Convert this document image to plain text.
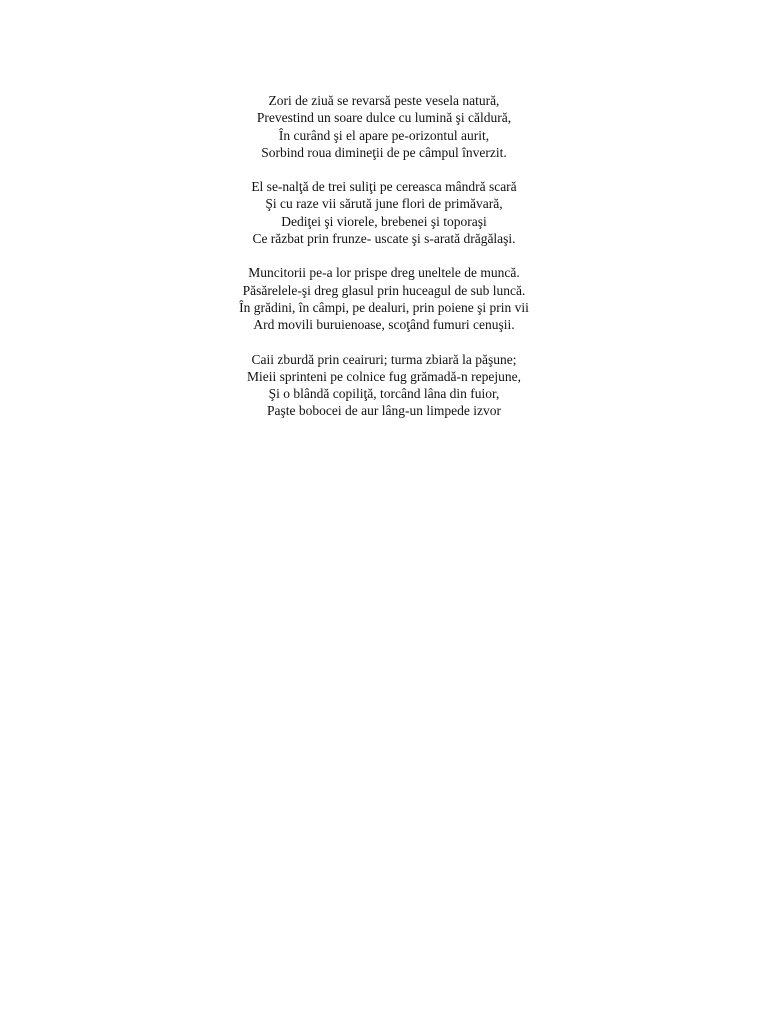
Zori de ziuă se revarsă peste vesela natură,
Prevestind un soare dulce cu lumină şi căldură,
În curând şi el apare pe-orizontul aurit,
Sorbind roua dimineţii de pe câmpul înverzit.
El se-nalţă de trei suliţi pe cereasca mândră scară
Şi cu raze vii sărută june flori de primăvară,
Dediţei şi viorele, brebenei şi toporaşi
Ce răzbat prin frunze- uscate şi s-arată drăgălaşi.
Muncitorii pe-a lor prispe dreg uneltele de muncă.
Păsărelele-şi dreg glasul prin huceagul de sub luncă.
În grădini, în câmpi, pe dealuri, prin poiene şi prin vii
Ard movili buruienoase, scoţând fumuri cenuşii.
Caii zburdă prin ceairuri; turma zbiară la păşune;
Mieii sprinteni pe colnice fug grămadă-n repejune,
Şi o blândă copiliţă, torcând lâna din fuior,
Paşte bobocei de aur lâng-un limpede izvor
